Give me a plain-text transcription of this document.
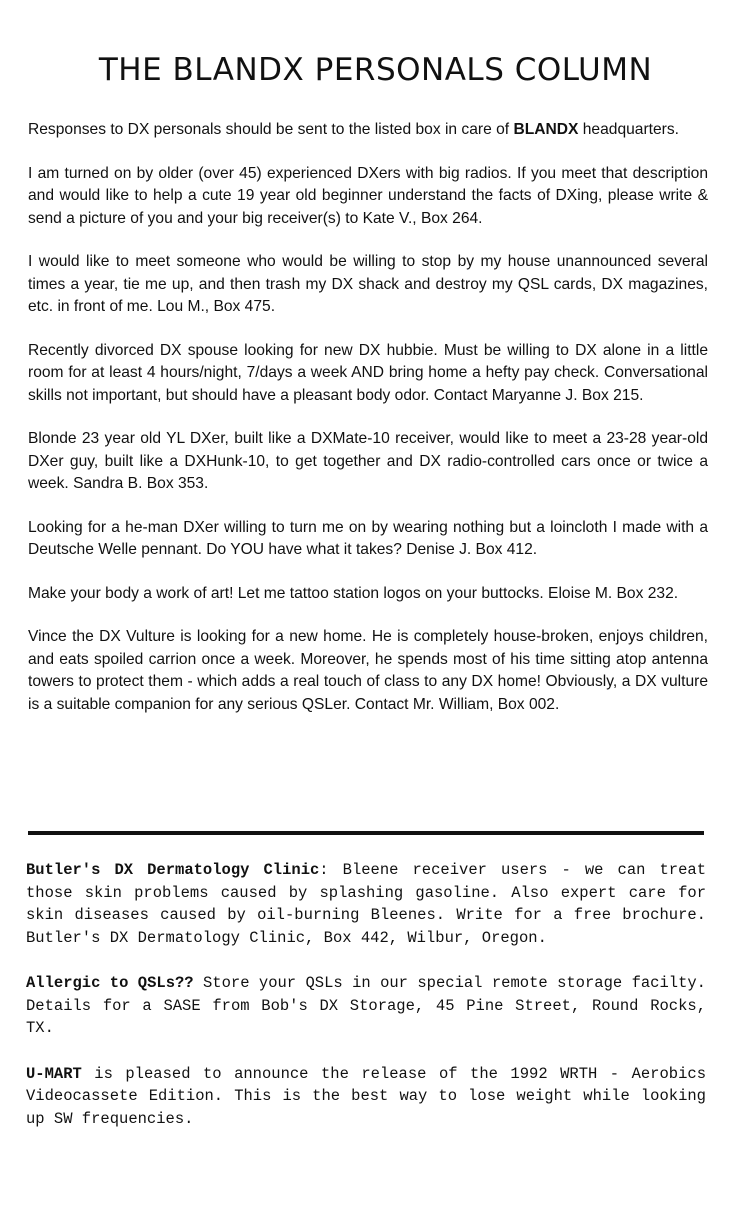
THE BLANDX PERSONALS COLUMN

Responses to DX personals should be sent to the listed box in care of BLANDX headquarters.

I am turned on by older (over 45) experienced DXers with big radios. If you meet that description and would like to help a cute 19 year old beginner understand the facts of DXing, please write & send a picture of you and your big receiver(s) to Kate V., Box 264.

I would like to meet someone who would be willing to stop by my house unannounced several times a year, tie me up, and then trash my DX shack and destroy my QSL cards, DX magazines, etc. in front of me. Lou M., Box 475.

Recently divorced DX spouse looking for new DX hubbie. Must be willing to DX alone in a little room for at least 4 hours/night, 7/days a week AND bring home a hefty pay check. Conversational skills not important, but should have a pleasant body odor. Contact Maryanne J. Box 215.

Blonde 23 year old YL DXer, built like a DXMate-10 receiver, would like to meet a 23-28 year-old DXer guy, built like a DXHunk-10, to get together and DX radio-controlled cars once or twice a week. Sandra B. Box 353.

Looking for a he-man DXer willing to turn me on by wearing nothing but a loincloth I made with a Deutsche Welle pennant. Do YOU have what it takes? Denise J. Box 412.

Make your body a work of art! Let me tattoo station logos on your buttocks. Eloise M. Box 232.

Vince the DX Vulture is looking for a new home. He is completely house-broken, enjoys children, and eats spoiled carrion once a week. Moreover, he spends most of his time sitting atop antenna towers to protect them - which adds a real touch of class to any DX home! Obviously, a DX vulture is a suitable companion for any serious QSLer. Contact Mr. William, Box 002.

Butler's DX Dermatology Clinic: Bleene receiver users - we can treat those skin problems caused by splashing gasoline. Also expert care for skin diseases caused by oil-burning Bleenes. Write for a free brochure. Butler's DX Dermatology Clinic, Box 442, Wilbur, Oregon.

Allergic to QSLs?? Store your QSLs in our special remote storage facilty. Details for a SASE from Bob's DX Storage, 45 Pine Street, Round Rocks, TX.

U-MART is pleased to announce the release of the 1992 WRTH - Aerobics Videocassete Edition. This is the best way to lose weight while looking up SW frequencies.
